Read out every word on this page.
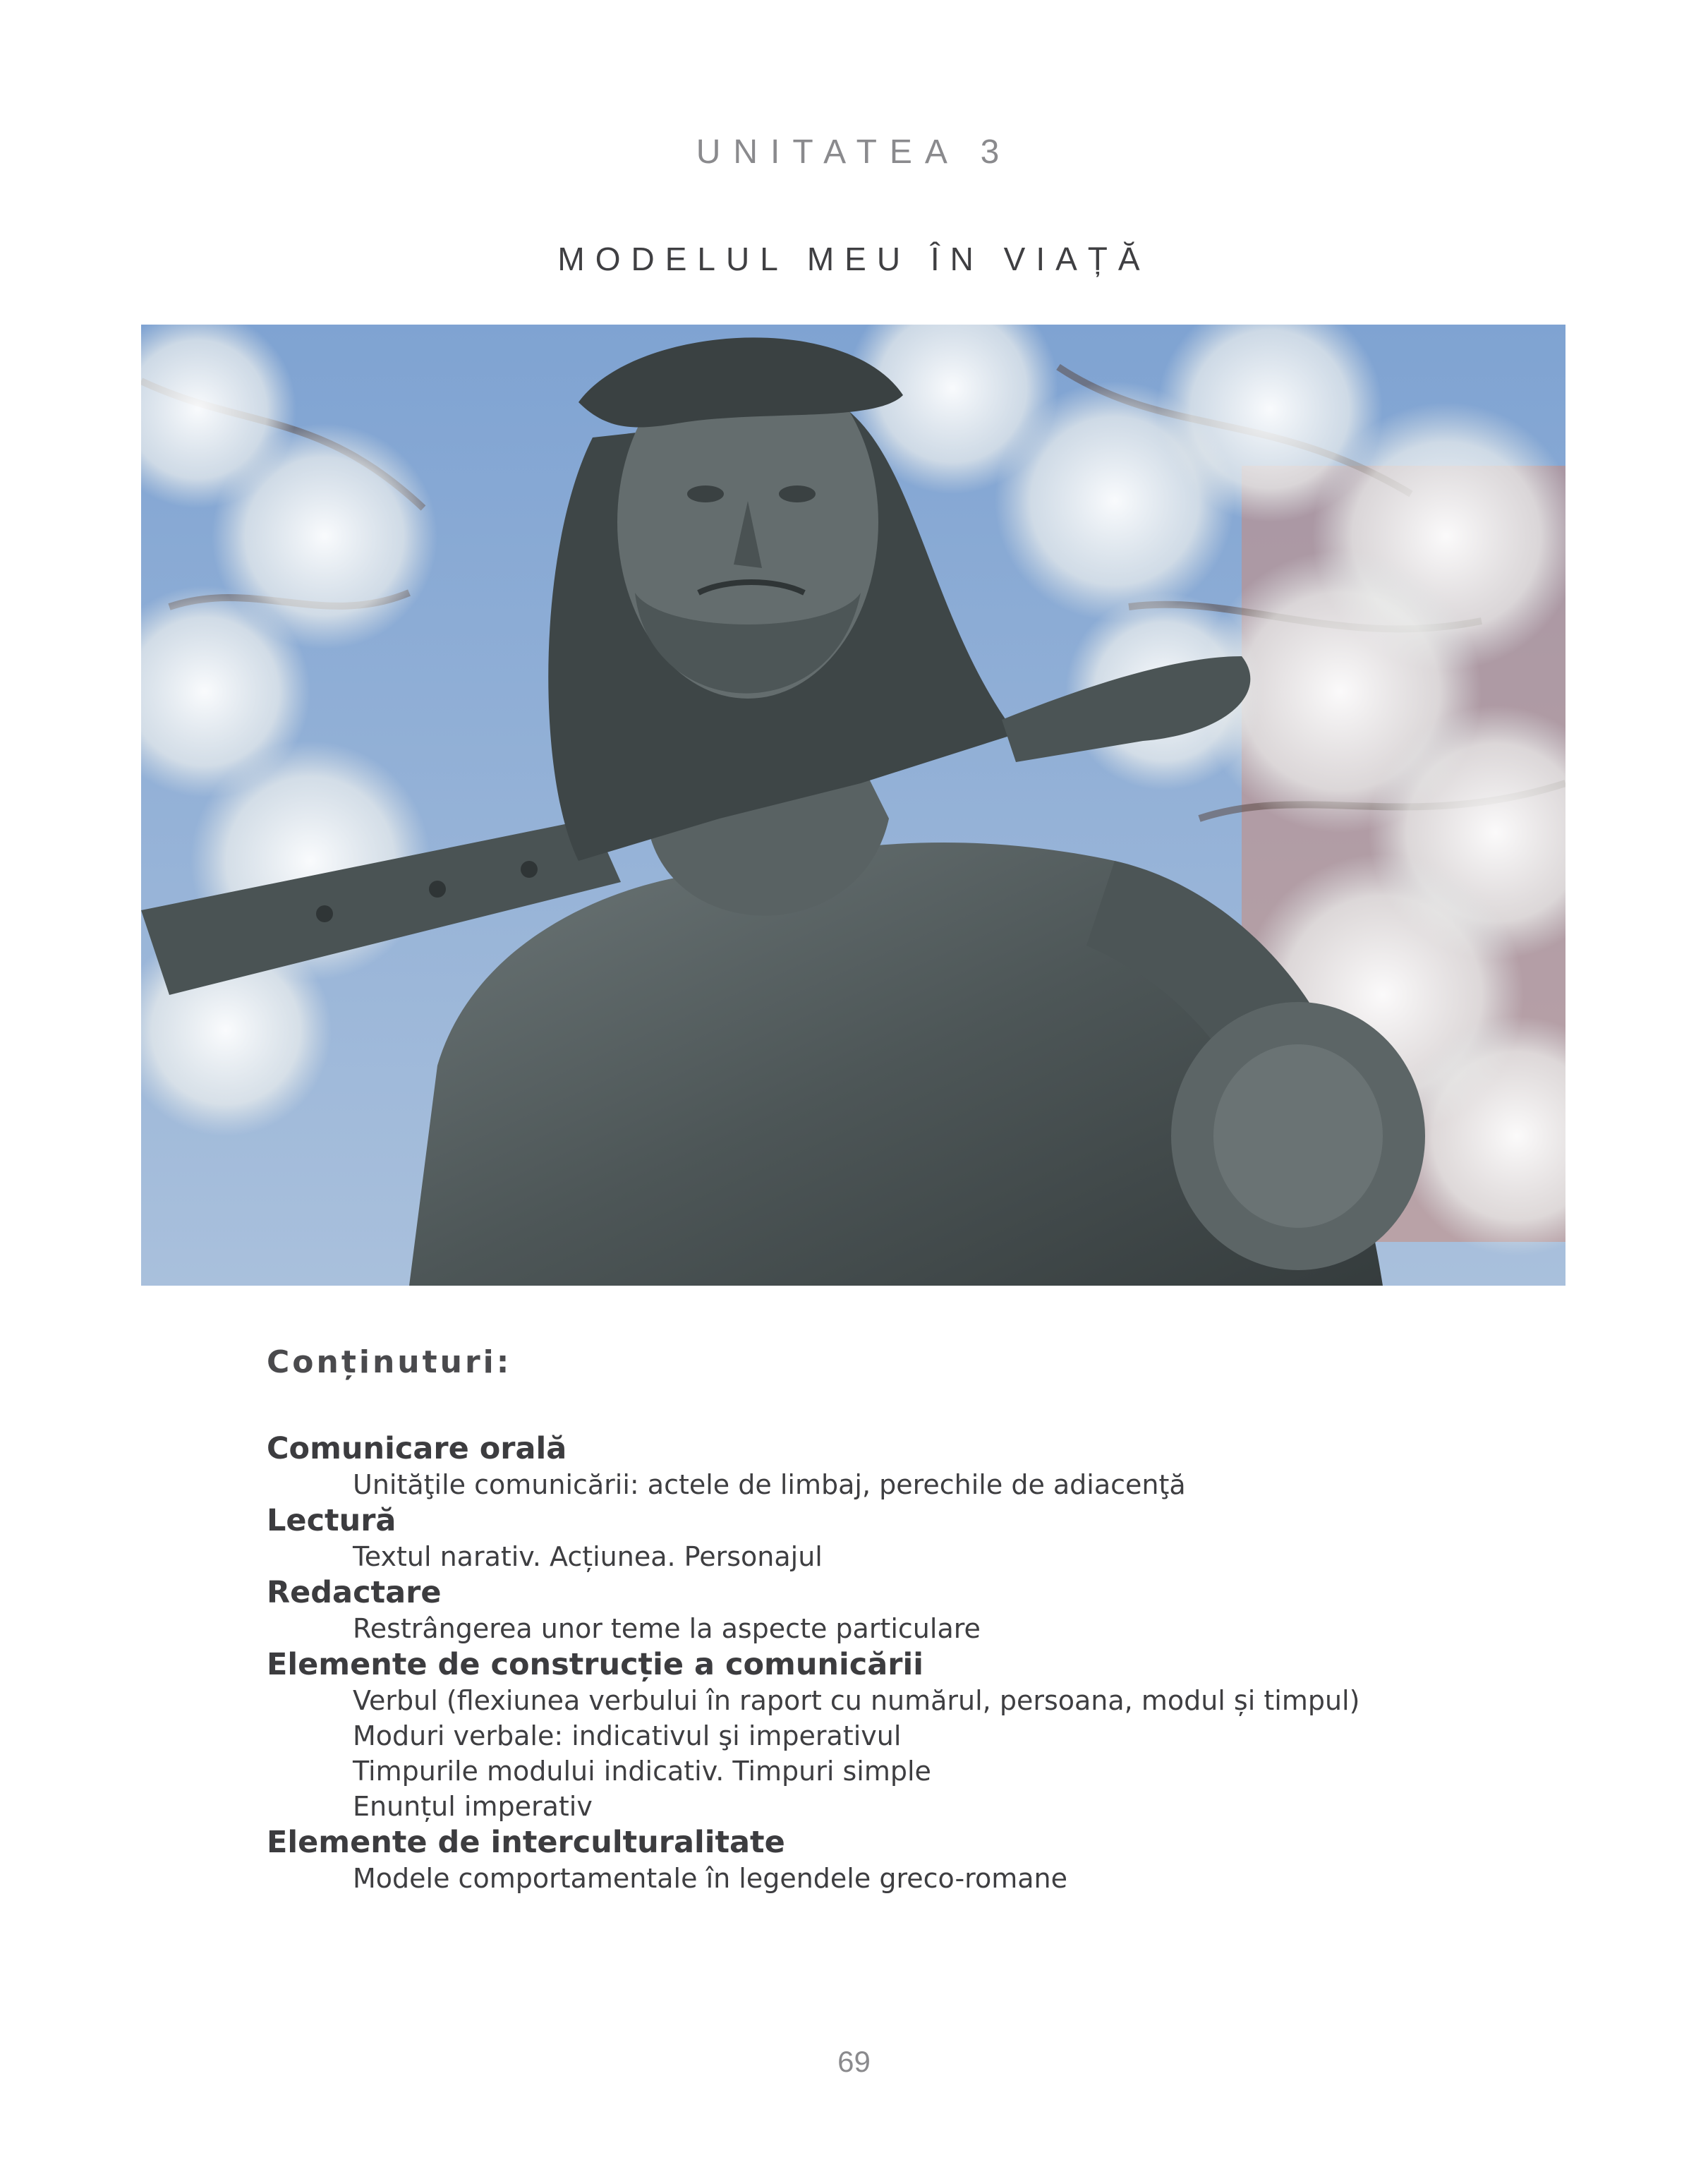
UNITATEA 3
MODELUL MEU ÎN VIAȚĂ
Conținuturi:
Comunicare orală
Unităţile comunicării: actele de limbaj, perechile de adiacenţă
Lectură
Textul narativ. Acțiunea. Personajul
Redactare
Restrângerea unor teme la aspecte particulare
Elemente de construcție a comunicării
Verbul (flexiunea verbului în raport cu numărul, persoana, modul și timpul)
Moduri verbale: indicativul şi imperativul
Timpurile modului indicativ. Timpuri simple
Enunțul imperativ
Elemente de interculturalitate
Modele comportamentale în legendele greco-romane
69
